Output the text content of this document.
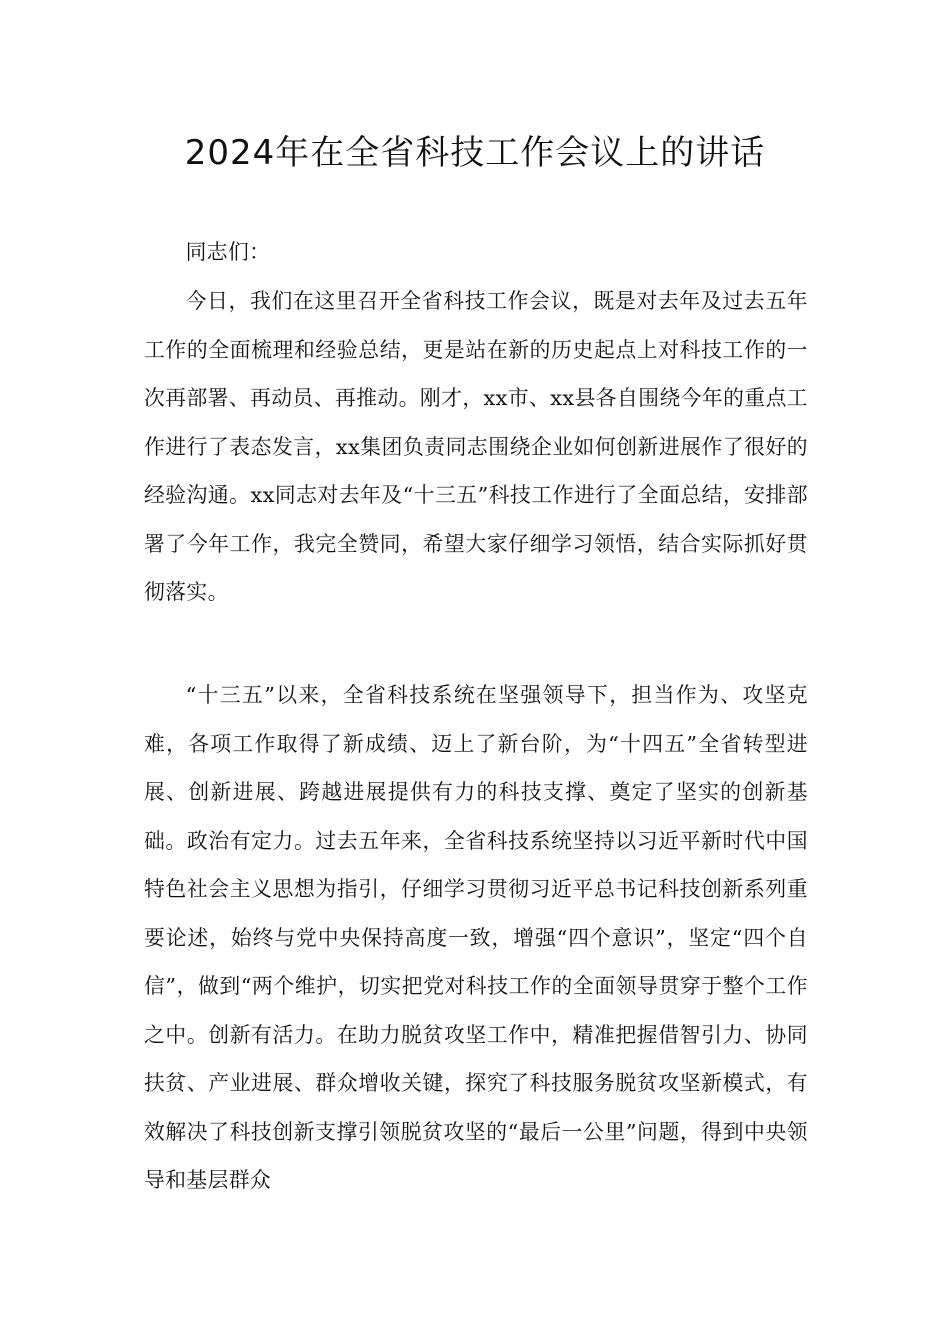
2024年在全省科技工作会议上的讲话

同志们：

今日，我们在这里召开全省科技工作会议，既是对去年及过去五年工作的全面梳理和经验总结，更是站在新的历史起点上对科技工作的一次再部署、再动员、再推动。刚才，xx市、xx县各自围绕今年的重点工作进行了表态发言，xx集团负责同志围绕企业如何创新进展作了很好的经验沟通。xx同志对去年及“十三五”科技工作进行了全面总结，安排部署了今年工作，我完全赞同，希望大家仔细学习领悟，结合实际抓好贯彻落实。

“十三五”以来，全省科技系统在坚强领导下，担当作为、攻坚克难，各项工作取得了新成绩、迈上了新台阶，为“十四五”全省转型进展、创新进展、跨越进展提供有力的科技支撑、奠定了坚实的创新基础。政治有定力。过去五年来，全省科技系统坚持以习近平新时代中国特色社会主义思想为指引，仔细学习贯彻习近平总书记科技创新系列重要论述，始终与党中央保持高度一致，增强“四个意识”，坚定“四个自信”，做到“两个维护，切实把党对科技工作的全面领导贯穿于整个工作之中。创新有活力。在助力脱贫攻坚工作中，精准把握借智引力、协同扶贫、产业进展、群众增收关键，探究了科技服务脱贫攻坚新模式，有效解决了科技创新支撑引领脱贫攻坚的“最后一公里”问题，得到中央领导和基层群众
